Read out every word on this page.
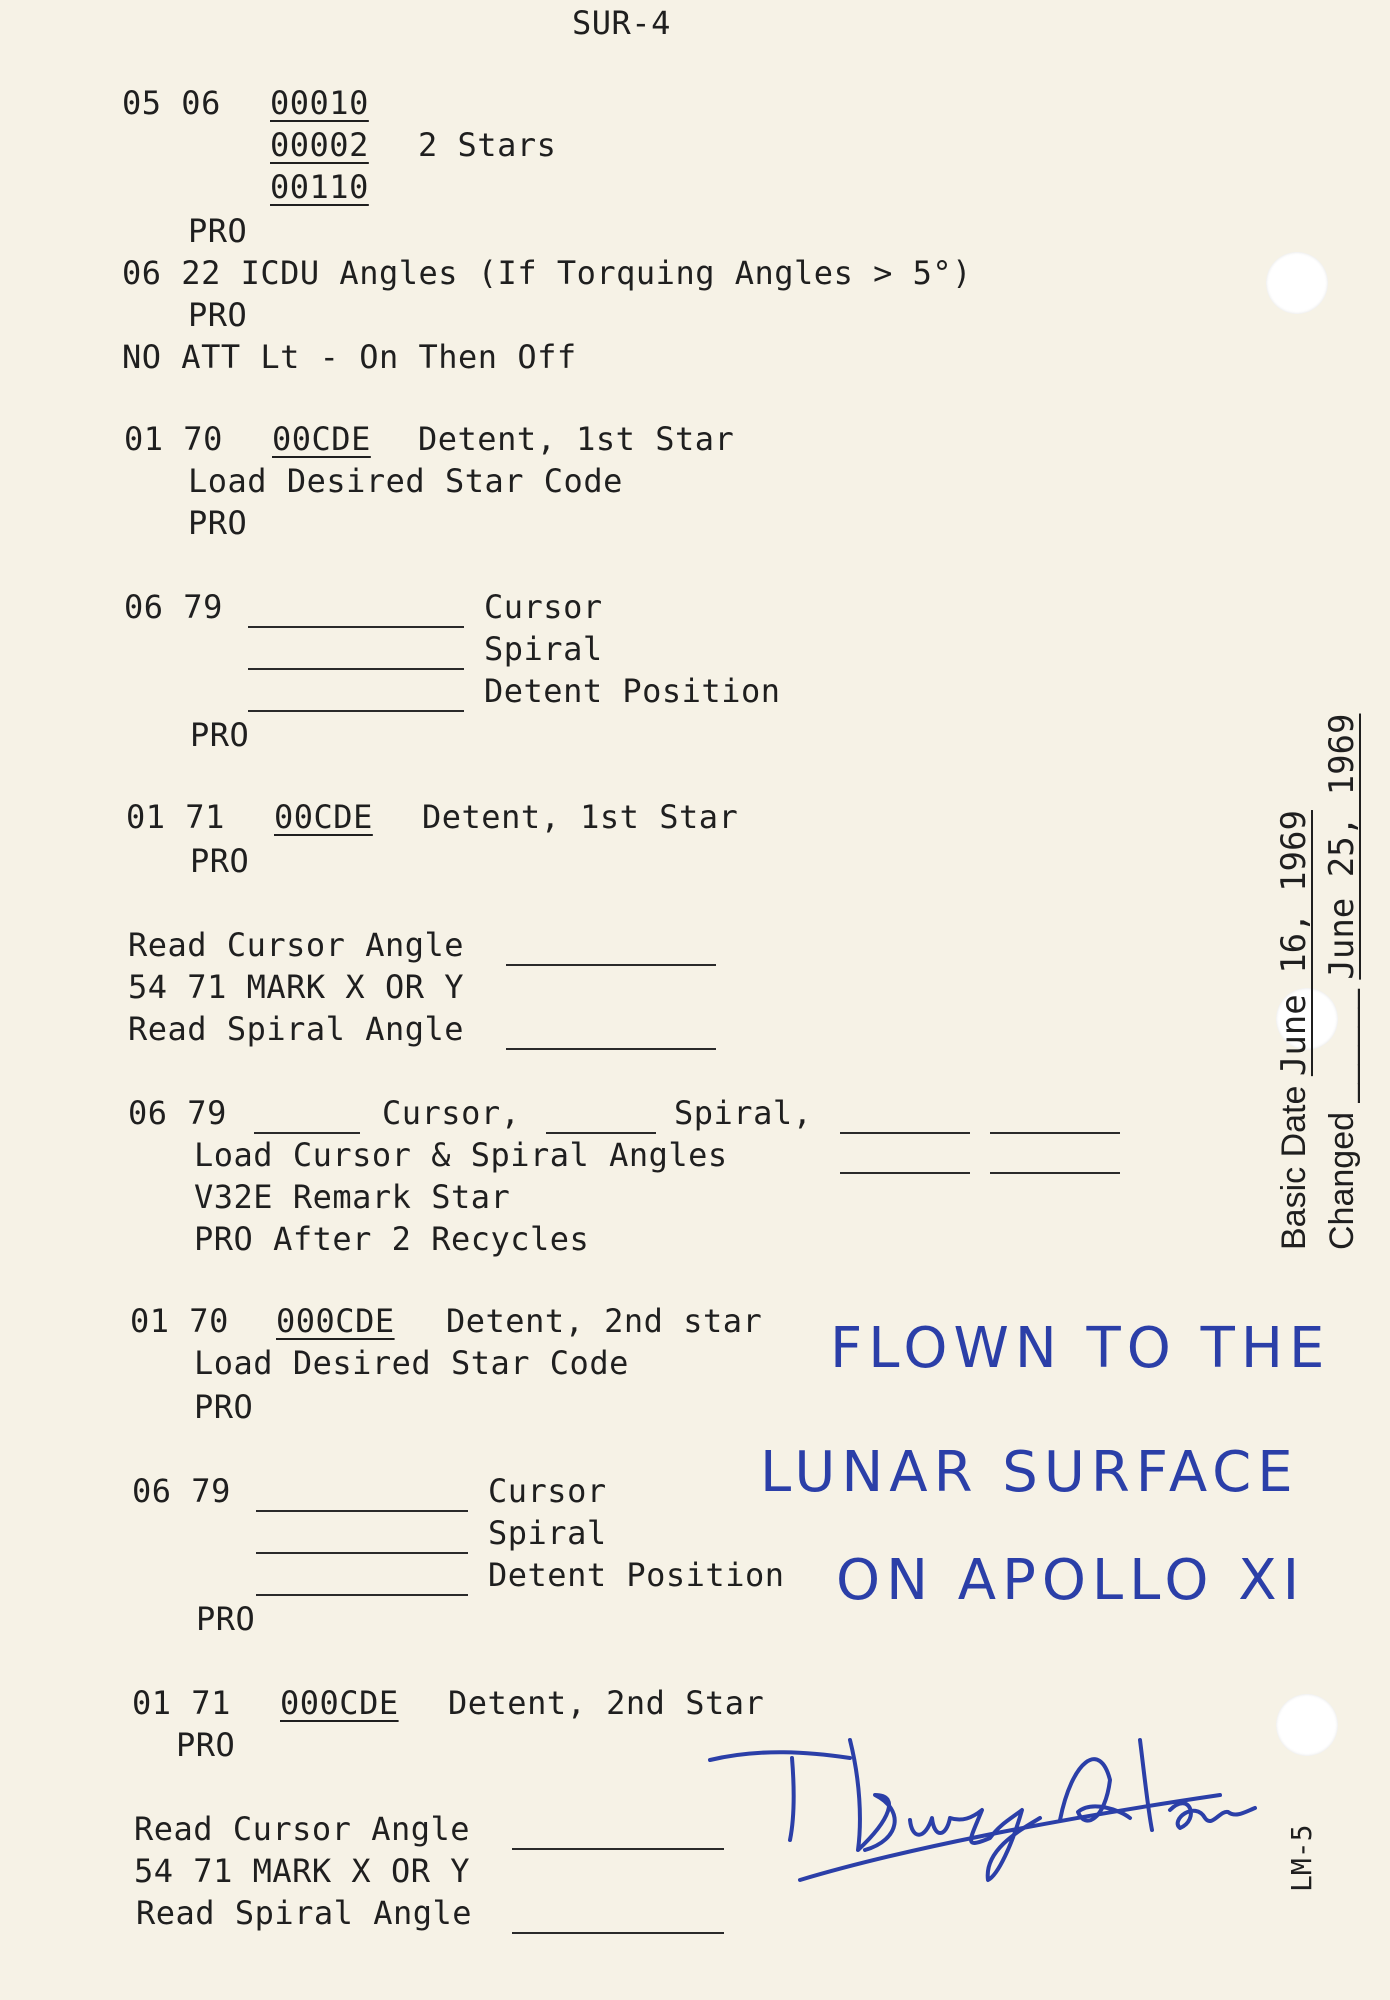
SUR-4
05 06 00010
00002 2 Stars
00110
PRO
06 22 ICDU Angles (If Torquing Angles > 5°)
PRO
NO ATT Lt - On Then Off
01 70 00CDE Detent, 1st Star
Load Desired Star Code
PRO
06 79	Cursor
Spiral
Detent Position
PRO
01 71 00CDE Detent, 1st Star
PRO
Read Cursor Angle
54 71 MARK X OR Y
Read Spiral Angle
06 79	Cursor,	Spiral,
Load Cursor & Spiral Angles
V32E Remark Star
PRO After 2 Recycles
01 70 000CDE Detent, 2nd star
Load Desired Star Code
PRO
06 79	Cursor
Spiral
Detent Position
PRO
01 71 000CDE Detent, 2nd Star
PRO
Read Cursor Angle
54 71 MARK X OR Y
Read Spiral Angle
Basic Date June 16, 1969
Changed ______ June 25, 1969
LM-5
FLOWN TO THE
LUNAR SURFACE
ON APOLLO XI
